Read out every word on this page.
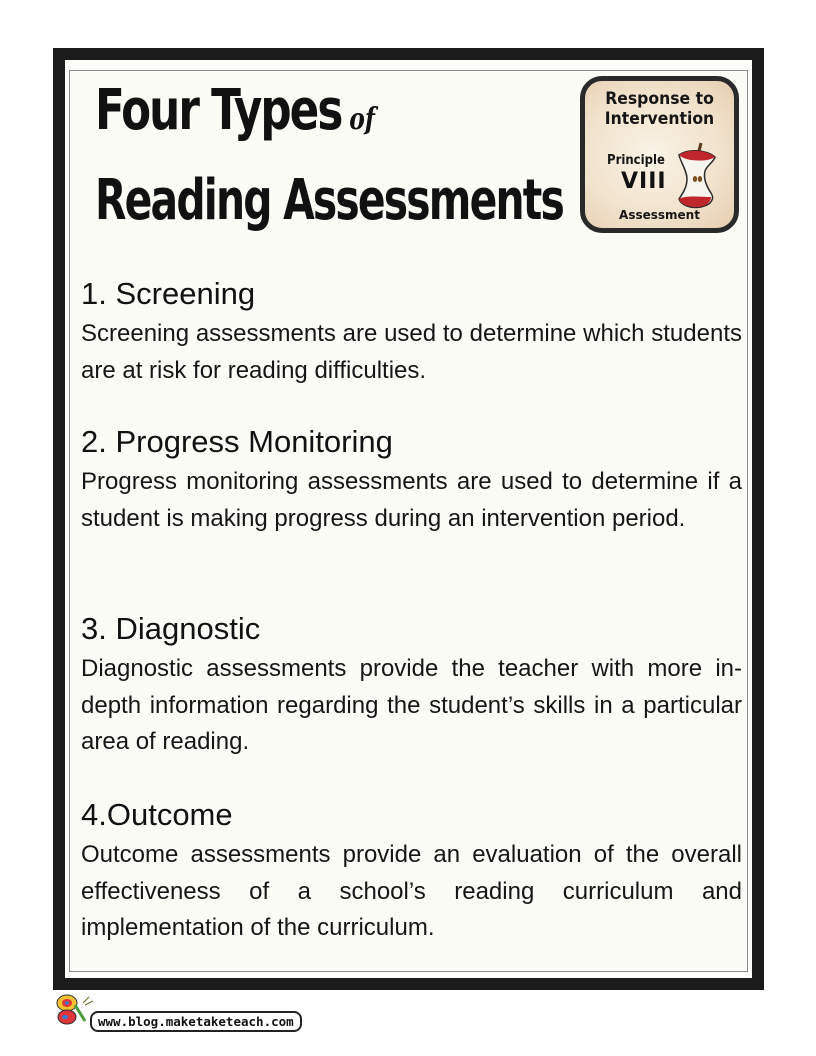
Four Types of
Reading Assessments
Response to
Intervention
Principle
VIII
Assessment
1. Screening
Screening assessments are used to determine which students are at risk for reading difficulties.
2. Progress Monitoring
Progress monitoring assessments are used to determine if a student is making progress during an intervention period.
3. Diagnostic
Diagnostic assessments provide the teacher with more in-depth information regarding the student’s skills in a particular area of reading.
4.Outcome
Outcome assessments provide an evaluation of the overall effectiveness of a school’s reading curriculum and implementation of the curriculum.
www.blog.maketaketeach.com
